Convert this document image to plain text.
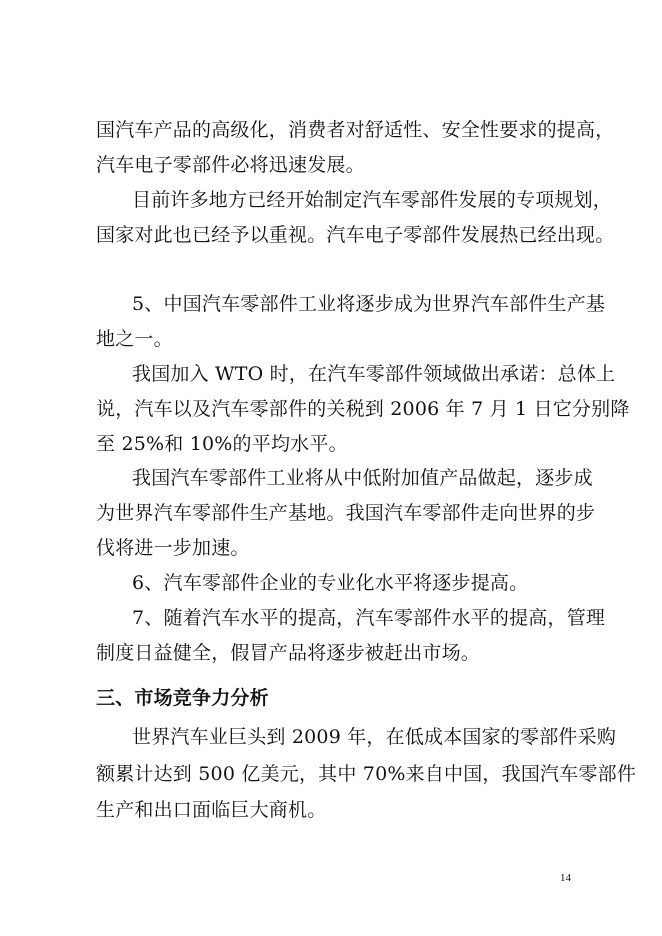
国汽车产品的高级化，消费者对舒适性、安全性要求的提高，
汽车电子零部件必将迅速发展。
目前许多地方已经开始制定汽车零部件发展的专项规划，
国家对此也已经予以重视。汽车电子零部件发展热已经出现。
5、中国汽车零部件工业将逐步成为世界汽车部件生产基
地之一。
我国加入 WTO 时，在汽车零部件领域做出承诺：总体上
说，汽车以及汽车零部件的关税到 2006 年 7 月 1 日它分别降
至 25%和 10%的平均水平。
我国汽车零部件工业将从中低附加值产品做起，逐步成
为世界汽车零部件生产基地。我国汽车零部件走向世界的步
伐将进一步加速。
6、汽车零部件企业的专业化水平将逐步提高。
7、随着汽车水平的提高，汽车零部件水平的提高，管理
制度日益健全，假冒产品将逐步被赶出市场。
三、市场竞争力分析
世界汽车业巨头到 2009 年，在低成本国家的零部件采购
额累计达到 500 亿美元，其中 70%来自中国，我国汽车零部件
生产和出口面临巨大商机。
14
